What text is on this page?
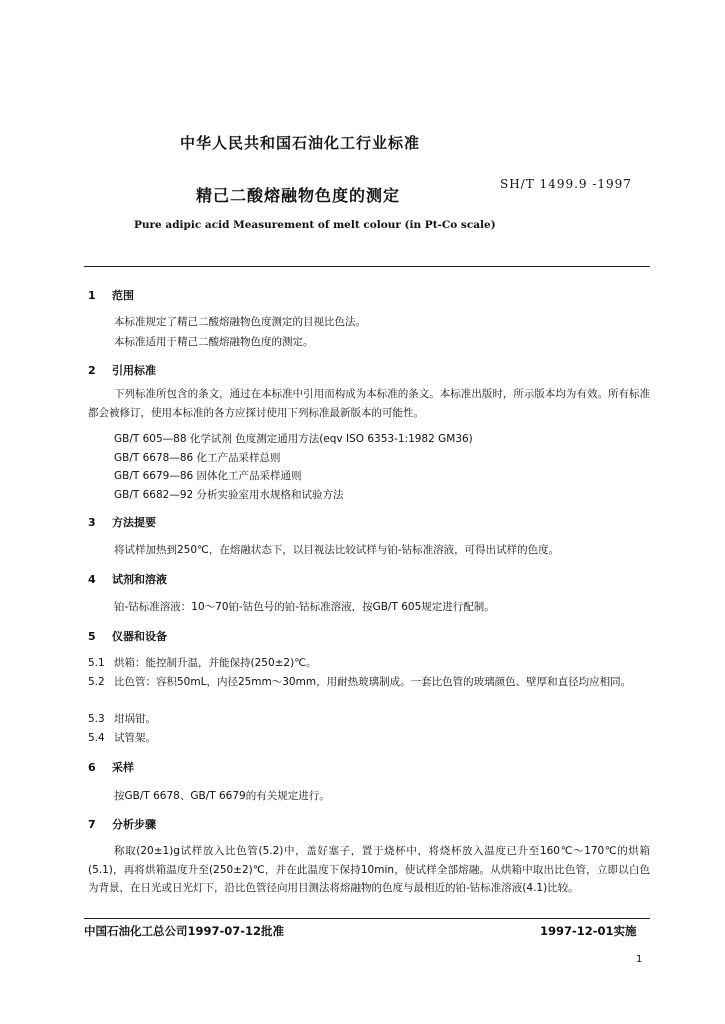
中华人民共和国石油化工行业标准
精己二酸熔融物色度的测定
SH/T 1499.9 -1997
Pure adipic acid Measurement of melt colour (in Pt-Co scale)
1 范围
本标准规定了精己二酸熔融物色度测定的目视比色法。
本标准适用于精己二酸熔融物色度的测定。
2 引用标准
下列标准所包含的条文，通过在本标准中引用而构成为本标准的条文。本标准出版时，所示版本均为有效。所有标准都会被修订，使用本标准的各方应探讨使用下列标准最新版本的可能性。
GB/T 605—88 化学试剂 色度测定通用方法(eqv ISO 6353-1:1982 GM36)
GB/T 6678—86 化工产品采样总则
GB/T 6679—86 固体化工产品采样通则
GB/T 6682—92 分析实验室用水规格和试验方法
3 方法提要
将试样加热到250℃，在熔融状态下，以目视法比较试样与铂-钴标准溶液，可得出试样的色度。
4 试剂和溶液
铂-钴标准溶液：10～70铂-钴色号的铂-钴标准溶液，按GB/T 605规定进行配制。
5 仪器和设备
5.1 烘箱：能控制升温，并能保持(250±2)℃。
5.2 比色管：容积50mL，内径25mm～30mm，用耐热玻璃制成。一套比色管的玻璃颜色、壁厚和直径均应相同。
5.3 坩埚钳。
5.4 试管架。
6 采样
按GB/T 6678、GB/T 6679的有关规定进行。
7 分析步骤
称取(20±1)g试样放入比色管(5.2)中，盖好塞子，置于烧杯中，将烧杯放入温度已升至160℃～170℃的烘箱(5.1)，再将烘箱温度升至(250±2)℃，并在此温度下保持10min，使试样全部熔融。从烘箱中取出比色管，立即以白色为背景，在日光或日光灯下，沿比色管径向用目测法将熔融物的色度与最相近的铂-钴标准溶液(4.1)比较。
中国石油化工总公司1997-07-12批准	1997-12-01实施
1
